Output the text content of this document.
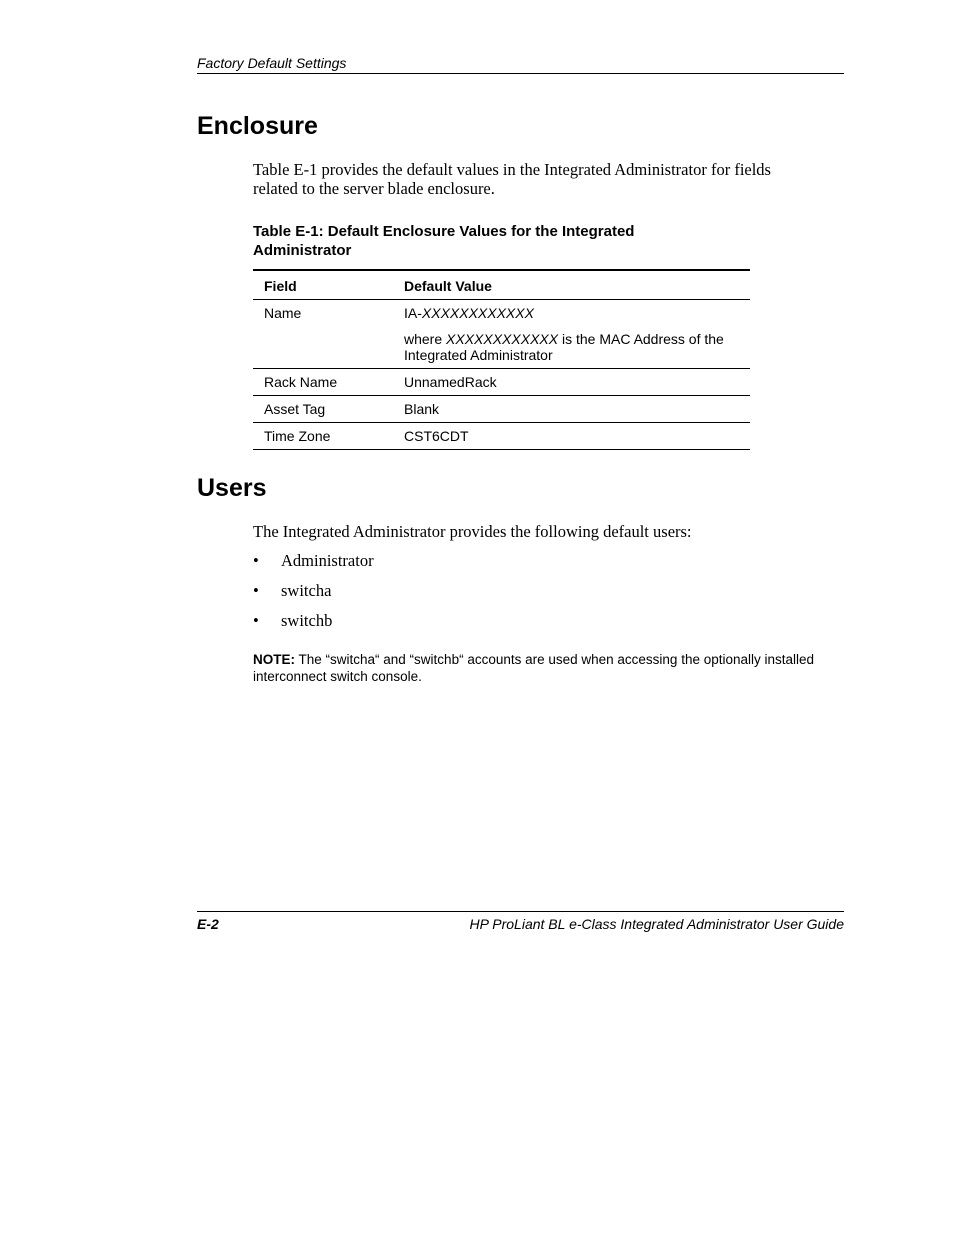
Factory Default Settings
Enclosure
Table E-1 provides the default values in the Integrated Administrator for fields related to the server blade enclosure.
Table E-1: Default Enclosure Values for the Integrated Administrator
Field	Default Value
Name	IA-XXXXXXXXXXXX
where XXXXXXXXXXXX is the MAC Address of the Integrated Administrator

Rack Name	UnnamedRack
Asset Tag	Blank
Time Zone	CST6CDT
Users
The Integrated Administrator provides the following default users:
• Administrator
• switcha
• switchb
NOTE: The “switcha“ and “switchb“ accounts are used when accessing the optionally installed interconnect switch console.
E-2	HP ProLiant BL e-Class Integrated Administrator User Guide
